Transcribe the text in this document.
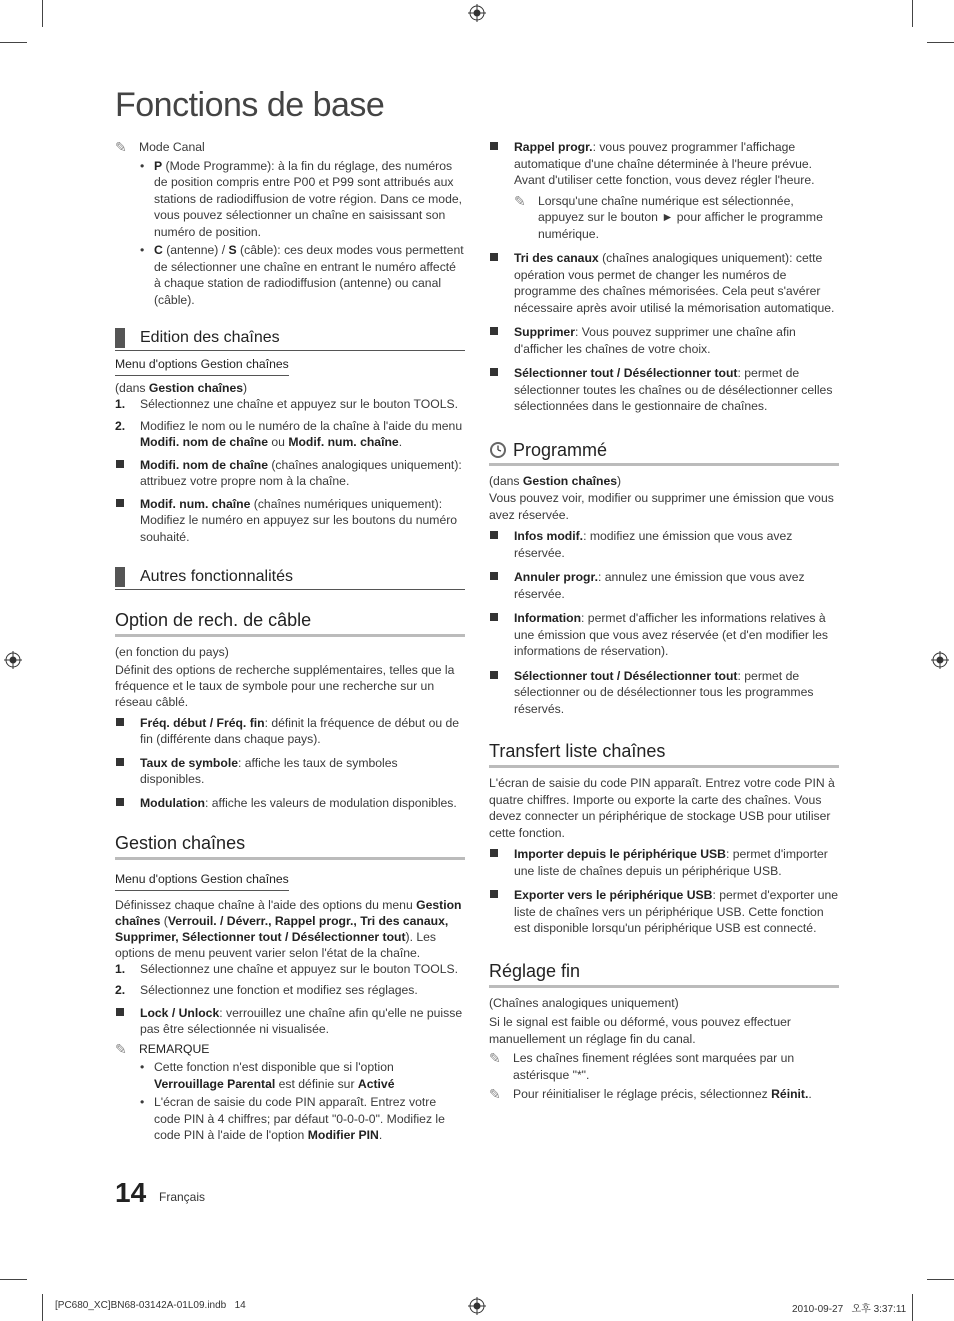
Fonctions de base
✎ Mode Canal
• P (Mode Programme): à la fin du réglage, des numéros de position compris entre P00 et P99 sont attribués aux stations de radiodiffusion de votre région. Dans ce mode, vous pouvez sélectionner un chaîne en saisissant son numéro de position.
• C (antenne) / S (câble): ces deux modes vous permettent de sélectionner une chaîne en entrant le numéro affecté à chaque station de radiodiffusion (antenne) ou canal (câble).
Edition des chaînes
Menu d'options Gestion chaînes
(dans Gestion chaînes)
1. Sélectionnez une chaîne et appuyez sur le bouton TOOLS.
2. Modifiez le nom ou le numéro de la chaîne à l'aide du menu Modifi. nom de chaîne ou Modif. num. chaîne.
Modifi. nom de chaîne (chaînes analogiques uniquement): attribuez votre propre nom à la chaîne.
Modif. num. chaîne (chaînes numériques uniquement): Modifiez le numéro en appuyez sur les boutons du numéro souhaité.
Autres fonctionnalités
Option de rech. de câble
(en fonction du pays)
Définit des options de recherche supplémentaires, telles que la fréquence et le taux de symbole pour une recherche sur un réseau câblé.
Fréq. début / Fréq. fin: définit la fréquence de début ou de fin (différente dans chaque pays).
Taux de symbole: affiche les taux de symboles disponibles.
Modulation: affiche les valeurs de modulation disponibles.
Gestion chaînes
Menu d'options Gestion chaînes
Définissez chaque chaîne à l'aide des options du menu Gestion chaînes (Verrouil. / Déverr., Rappel progr., Tri des canaux, Supprimer, Sélectionner tout / Désélectionner tout). Les options de menu peuvent varier selon l'état de la chaîne.
1. Sélectionnez une chaîne et appuyez sur le bouton TOOLS.
2. Sélectionnez une fonction et modifiez ses réglages.
Lock / Unlock: verrouillez une chaîne afin qu'elle ne puisse pas être sélectionnée ni visualisée.
✎ REMARQUE
• Cette fonction n'est disponible que si l'option Verrouillage Parental est définie sur Activé
• L'écran de saisie du code PIN apparaît. Entrez votre code PIN à 4 chiffres; par défaut "0-0-0-0". Modifiez le code PIN à l'aide de l'option Modifier PIN.
Rappel progr.: vous pouvez programmer l'affichage automatique d'une chaîne déterminée à l'heure prévue. Avant d'utiliser cette fonction, vous devez régler l'heure.
✎ Lorsqu'une chaîne numérique est sélectionnée, appuyez sur le bouton ► pour afficher le programme numérique.
Tri des canaux (chaînes analogiques uniquement): cette opération vous permet de changer les numéros de programme des chaînes mémorisées. Cela peut s'avérer nécessaire après avoir utilisé la mémorisation automatique.
Supprimer: Vous pouvez supprimer une chaîne afin d'afficher les chaînes de votre choix.
Sélectionner tout / Désélectionner tout: permet de sélectionner toutes les chaînes ou de désélectionner celles sélectionnées dans le gestionnaire de chaînes.
Programmé
(dans Gestion chaînes)
Vous pouvez voir, modifier ou supprimer une émission que vous avez réservée.
Infos modif.: modifiez une émission que vous avez réservée.
Annuler progr.: annulez une émission que vous avez réservée.
Information: permet d'afficher les informations relatives à une émission que vous avez réservée (et d'en modifier les informations de réservation).
Sélectionner tout / Désélectionner tout: permet de sélectionner ou de désélectionner tous les programmes réservés.
Transfert liste chaînes
L'écran de saisie du code PIN apparaît. Entrez votre code PIN à quatre chiffres. Importe ou exporte la carte des chaînes. Vous devez connecter un périphérique de stockage USB pour utiliser cette fonction.
Importer depuis le périphérique USB: permet d'importer une liste de chaînes depuis un périphérique USB.
Exporter vers le périphérique USB: permet d'exporter une liste de chaînes vers un périphérique USB. Cette fonction est disponible lorsqu'un périphérique USB est connecté.
Réglage fin
(Chaînes analogiques uniquement)
Si le signal est faible ou déformé, vous pouvez effectuer manuellement un réglage fin du canal.
✎ Les chaînes finement réglées sont marquées par un astérisque "*".
✎ Pour réinitialiser le réglage précis, sélectionnez Réinit..
14 Français
[PC680_XC]BN68-03142A-01L09.indb   14	2010-09-27   오후 3:37:11
